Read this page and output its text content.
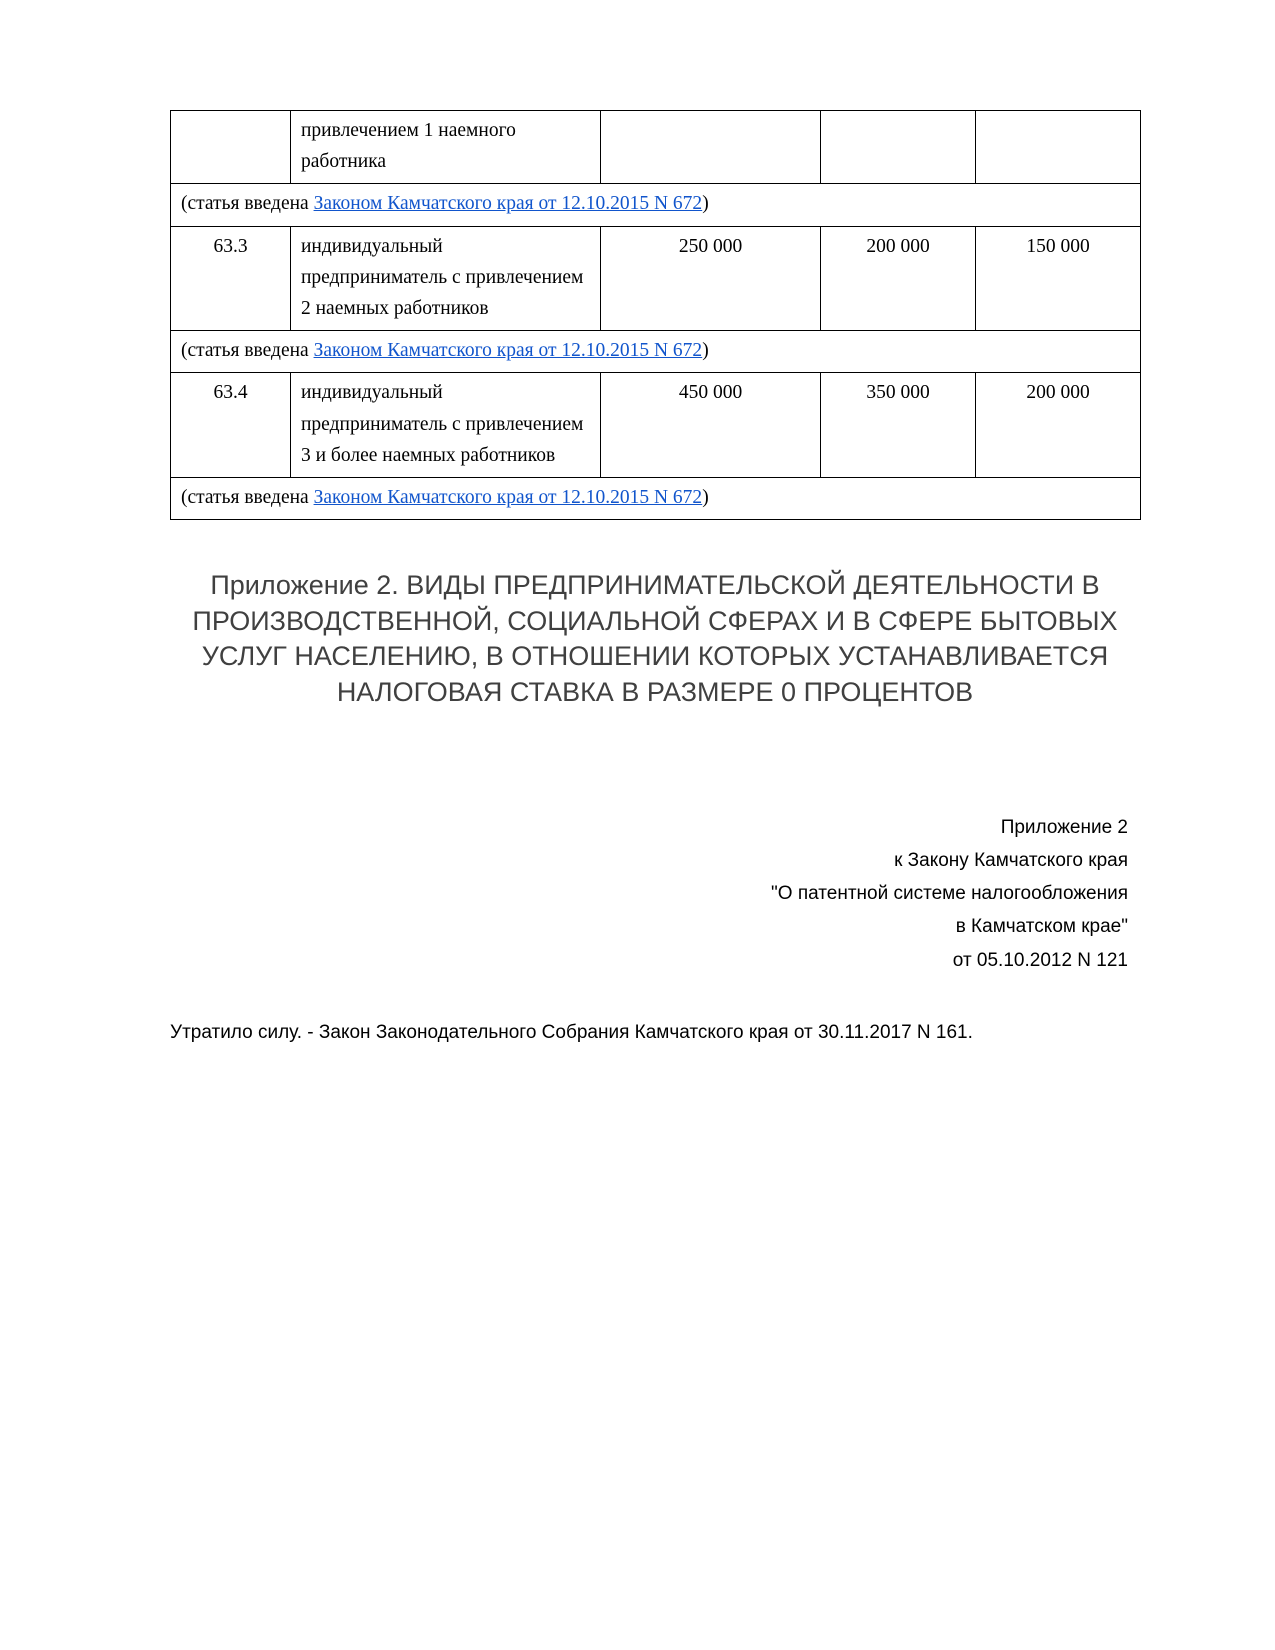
	привлечением 1 наемного работника			
(статья введена Законом Камчатского края от 12.10.2015 N 672)				
63.3	индивидуальный предприниматель с привлечением 2 наемных работников	250 000	200 000	150 000
(статья введена Законом Камчатского края от 12.10.2015 N 672)				
63.4	индивидуальный предприниматель с привлечением 3 и более наемных работников	450 000	350 000	200 000
(статья введена Законом Камчатского края от 12.10.2015 N 672)				
Приложение 2. ВИДЫ ПРЕДПРИНИМАТЕЛЬСКОЙ ДЕЯТЕЛЬНОСТИ В ПРОИЗВОДСТВЕННОЙ, СОЦИАЛЬНОЙ СФЕРАХ И В СФЕРЕ БЫТОВЫХ УСЛУГ НАСЕЛЕНИЮ, В ОТНОШЕНИИ КОТОРЫХ УСТАНАВЛИВАЕТСЯ НАЛОГОВАЯ СТАВКА В РАЗМЕРЕ 0 ПРОЦЕНТОВ
Приложение 2
к Закону Камчатского края
"О патентной системе налогообложения
в Камчатском крае"
от 05.10.2012 N 121

Утратило силу. - Закон Законодательного Собрания Камчатского края от 30.11.2017 N 161.
